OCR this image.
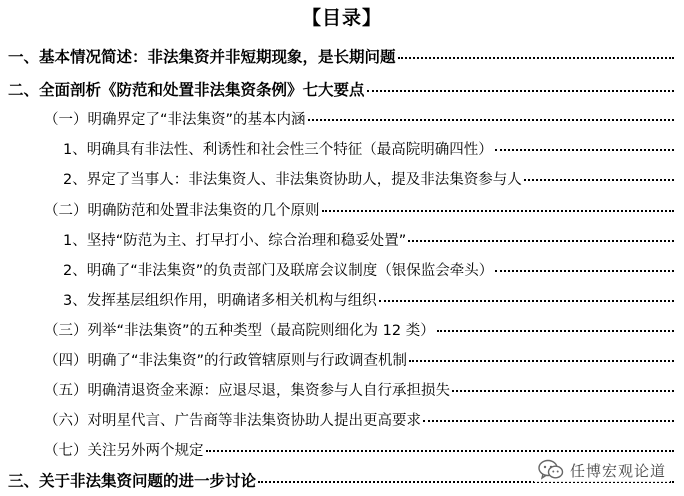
【目录】
一、基本情况简述：非法集资并非短期现象，是长期问题
二、全面剖析《防范和处置非法集资条例》七大要点
（一）明确界定了“非法集资”的基本内涵
1、明确具有非法性、利诱性和社会性三个特征（最高院明确四性）
2、界定了当事人：非法集资人、非法集资协助人，提及非法集资参与人
（二）明确防范和处置非法集资的几个原则
1、坚持“防范为主、打早打小、综合治理和稳妥处置”
2、明确了“非法集资”的负责部门及联席会议制度（银保监会牵头）
3、发挥基层组织作用，明确诸多相关机构与组织
（三）列举“非法集资”的五种类型（最高院则细化为 12 类）
（四）明确了“非法集资”的行政管辖原则与行政调查机制
（五）明确清退资金来源：应退尽退，集资参与人自行承担损失
（六）对明星代言、广告商等非法集资协助人提出更高要求
（七）关注另外两个规定
三、关于非法集资问题的进一步讨论
任博宏观论道
